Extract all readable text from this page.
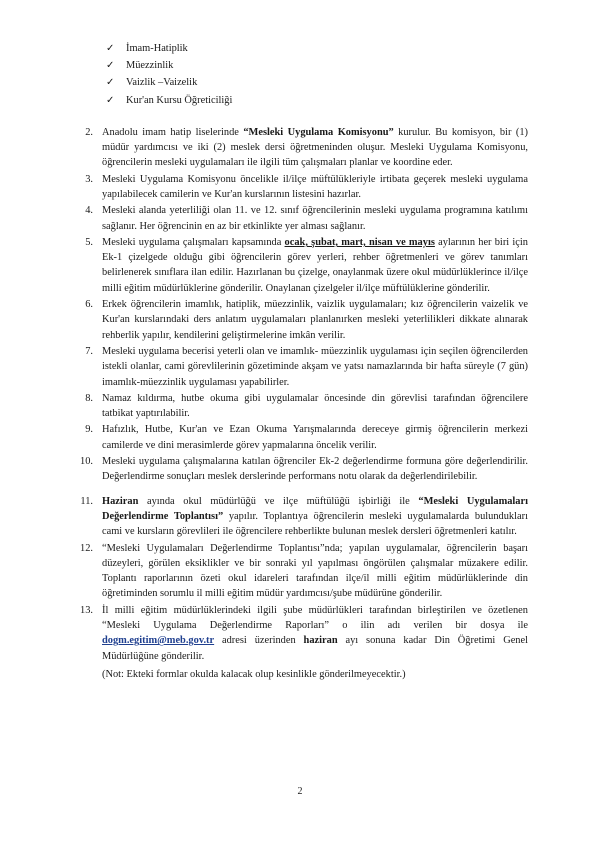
✓	İmam-Hatiplik
✓	Müezzinlik
✓	Vaizlik –Vaizelik
✓	Kur'an Kursu Öğreticiliği
2. Anadolu imam hatip liselerinde “Mesleki Uygulama Komisyonu” kurulur. Bu komisyon, bir (1) müdür yardımcısı ve iki (2) meslek dersi öğretmeninden oluşur. Mesleki Uygulama Komisyonu, öğrencilerin mesleki uygulamaları ile ilgili tüm çalışmaları planlar ve koordine eder.
3. Mesleki Uygulama Komisyonu öncelikle il/ilçe müftülükleriyle irtibata geçerek mesleki uygulama yapılabilecek camilerin ve Kur'an kurslarının listesini hazırlar.
4. Mesleki alanda yeterliliği olan 11. ve 12. sınıf öğrencilerinin mesleki uygulama programına katılımı sağlanır. Her öğrencinin en az bir etkinlikte yer alması sağlanır.
5. Mesleki uygulama çalışmaları kapsamında ocak, şubat, mart, nisan ve mayıs aylarının her biri için Ek-1 çizelgede olduğu gibi öğrencilerin görev yerleri, rehber öğretmenleri ve görev tanımları belirlenerek sınıflara ilan edilir. Hazırlanan bu çizelge, onaylanmak üzere okul müdürlüklerince il/ilçe milli eğitim müdürlüklerine gönderilir. Onaylanan çizelgeler il/ilçe müftülüklerine gönderilir.
6. Erkek öğrencilerin imamlık, hatiplik, müezzinlik, vaizlik uygulamaları; kız öğrencilerin vaizelik ve Kur'an kurslarındaki ders anlatım uygulamaları planlanırken mesleki yeterlilikleri dikkate alınarak rehberlik yapılır, kendilerini geliştirmelerine imkân verilir.
7. Mesleki uygulama becerisi yeterli olan ve imamlık- müezzinlik uygulaması için seçilen öğrencilerden istekli olanlar, cami görevlilerinin gözetiminde akşam ve yatsı namazlarında bir hafta süreyle (7 gün) imamlık-müezzinlik uygulaması yapabilirler.
8. Namaz kıldırma, hutbe okuma gibi uygulamalar öncesinde din görevlisi tarafından öğrencilere tatbikat yaptırılabilir.
9. Hafızlık, Hutbe, Kur'an ve Ezan Okuma Yarışmalarında dereceye girmiş öğrencilerin merkezi camilerde ve dini merasimlerde görev yapmalarına öncelik verilir.
10. Mesleki uygulama çalışmalarına katılan öğrenciler Ek-2 değerlendirme formuna göre değerlendirilir. Değerlendirme sonuçları meslek derslerinde performans notu olarak da değerlendirilebilir.
11. Haziran ayında okul müdürlüğü ve ilçe müftülüğü işbirliği ile “Mesleki Uygulamaları Değerlendirme Toplantısı” yapılır. Toplantıya öğrencilerin mesleki uygulamalarda bulundukları cami ve kursların görevlileri ile öğrencilere rehberlikte bulunan meslek dersleri öğretmenleri katılır.
12. “Mesleki Uygulamaları Değerlendirme Toplantısı”nda; yapılan uygulamalar, öğrencilerin başarı düzeyleri, görülen eksiklikler ve bir sonraki yıl yapılması öngörülen çalışmalar müzakere edilir. Toplantı raporlarının özeti okul idareleri tarafından ilçe/il milli eğitim müdürlüklerinde din öğretiminden sorumlu il milli eğitim müdür yardımcısı/şube müdürüne gönderilir.
13. İl milli eğitim müdürlüklerindeki ilgili şube müdürlükleri tarafından birleştirilen ve özetlenen “Mesleki Uygulama Değerlendirme Raporları” o ilin adı verilen bir dosya ile dogm.egitim@meb.gov.tr adresi üzerinden haziran ayı sonuna kadar Din Öğretimi Genel Müdürlüğüne gönderilir.
(Not: Ekteki formlar okulda kalacak olup kesinlikle gönderilmeyecektir.)
2
